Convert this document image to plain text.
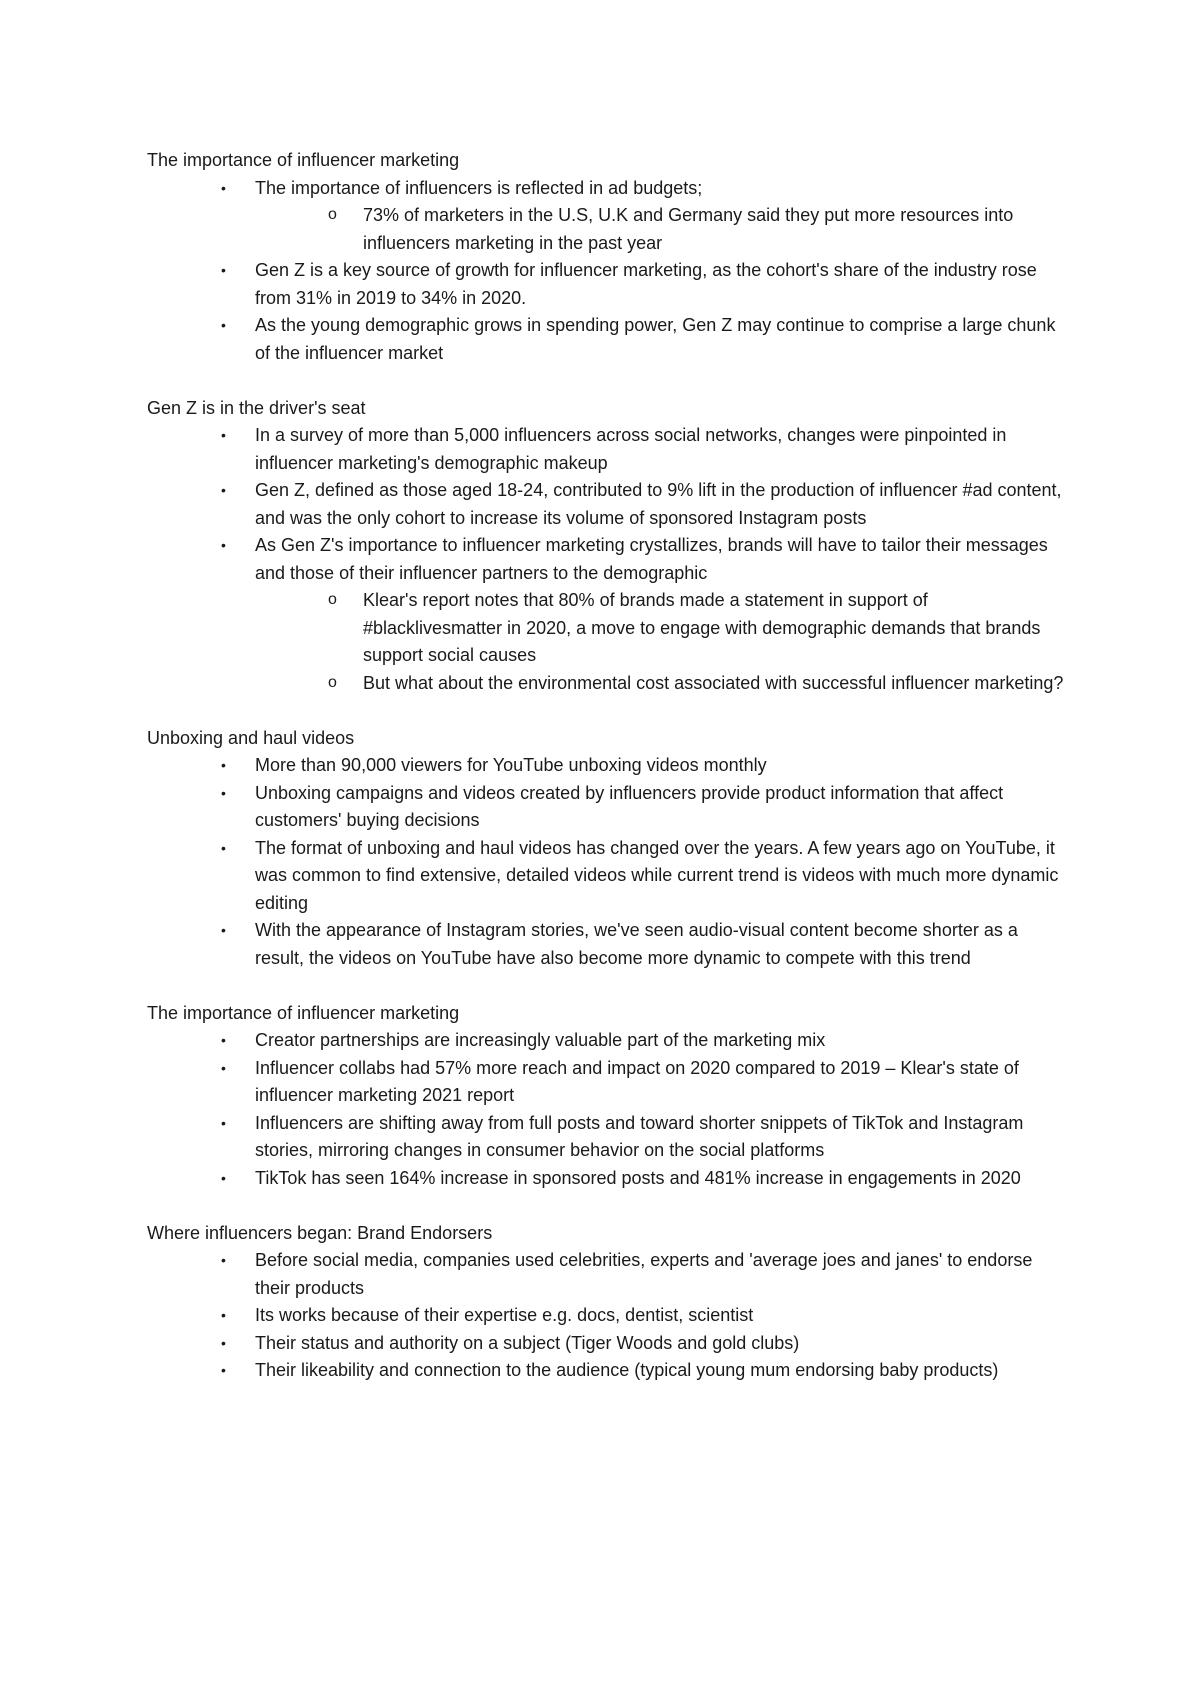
The importance of influencer marketing

• The importance of influencers is reflected in ad budgets;
o 73% of marketers in the U.S, U.K and Germany said they put more resources into influencers marketing in the past year
• Gen Z is a key source of growth for influencer marketing, as the cohort's share of the industry rose from 31% in 2019 to 34% in 2020.
• As the young demographic grows in spending power, Gen Z may continue to comprise a large chunk of the influencer market

Gen Z is in the driver's seat

• In a survey of more than 5,000 influencers across social networks, changes were pinpointed in influencer marketing's demographic makeup
• Gen Z, defined as those aged 18-24, contributed to 9% lift in the production of influencer #ad content, and was the only cohort to increase its volume of sponsored Instagram posts
• As Gen Z's importance to influencer marketing crystallizes, brands will have to tailor their messages and those of their influencer partners to the demographic
o Klear's report notes that 80% of brands made a statement in support of #blacklivesmatter in 2020, a move to engage with demographic demands that brands support social causes
o But what about the environmental cost associated with successful influencer marketing?

Unboxing and haul videos

• More than 90,000 viewers for YouTube unboxing videos monthly
• Unboxing campaigns and videos created by influencers provide product information that affect customers' buying decisions
• The format of unboxing and haul videos has changed over the years. A few years ago on YouTube, it was common to find extensive, detailed videos while current trend is videos with much more dynamic editing
• With the appearance of Instagram stories, we've seen audio-visual content become shorter as a result, the videos on YouTube have also become more dynamic to compete with this trend

The importance of influencer marketing

• Creator partnerships are increasingly valuable part of the marketing mix
• Influencer collabs had 57% more reach and impact on 2020 compared to 2019 – Klear's state of influencer marketing 2021 report
• Influencers are shifting away from full posts and toward shorter snippets of TikTok and Instagram stories, mirroring changes in consumer behavior on the social platforms
• TikTok has seen 164% increase in sponsored posts and 481% increase in engagements in 2020

Where influencers began: Brand Endorsers

• Before social media, companies used celebrities, experts and 'average joes and janes' to endorse their products
• Its works because of their expertise e.g. docs, dentist, scientist
• Their status and authority on a subject (Tiger Woods and gold clubs)
• Their likeability and connection to the audience (typical young mum endorsing baby products)
